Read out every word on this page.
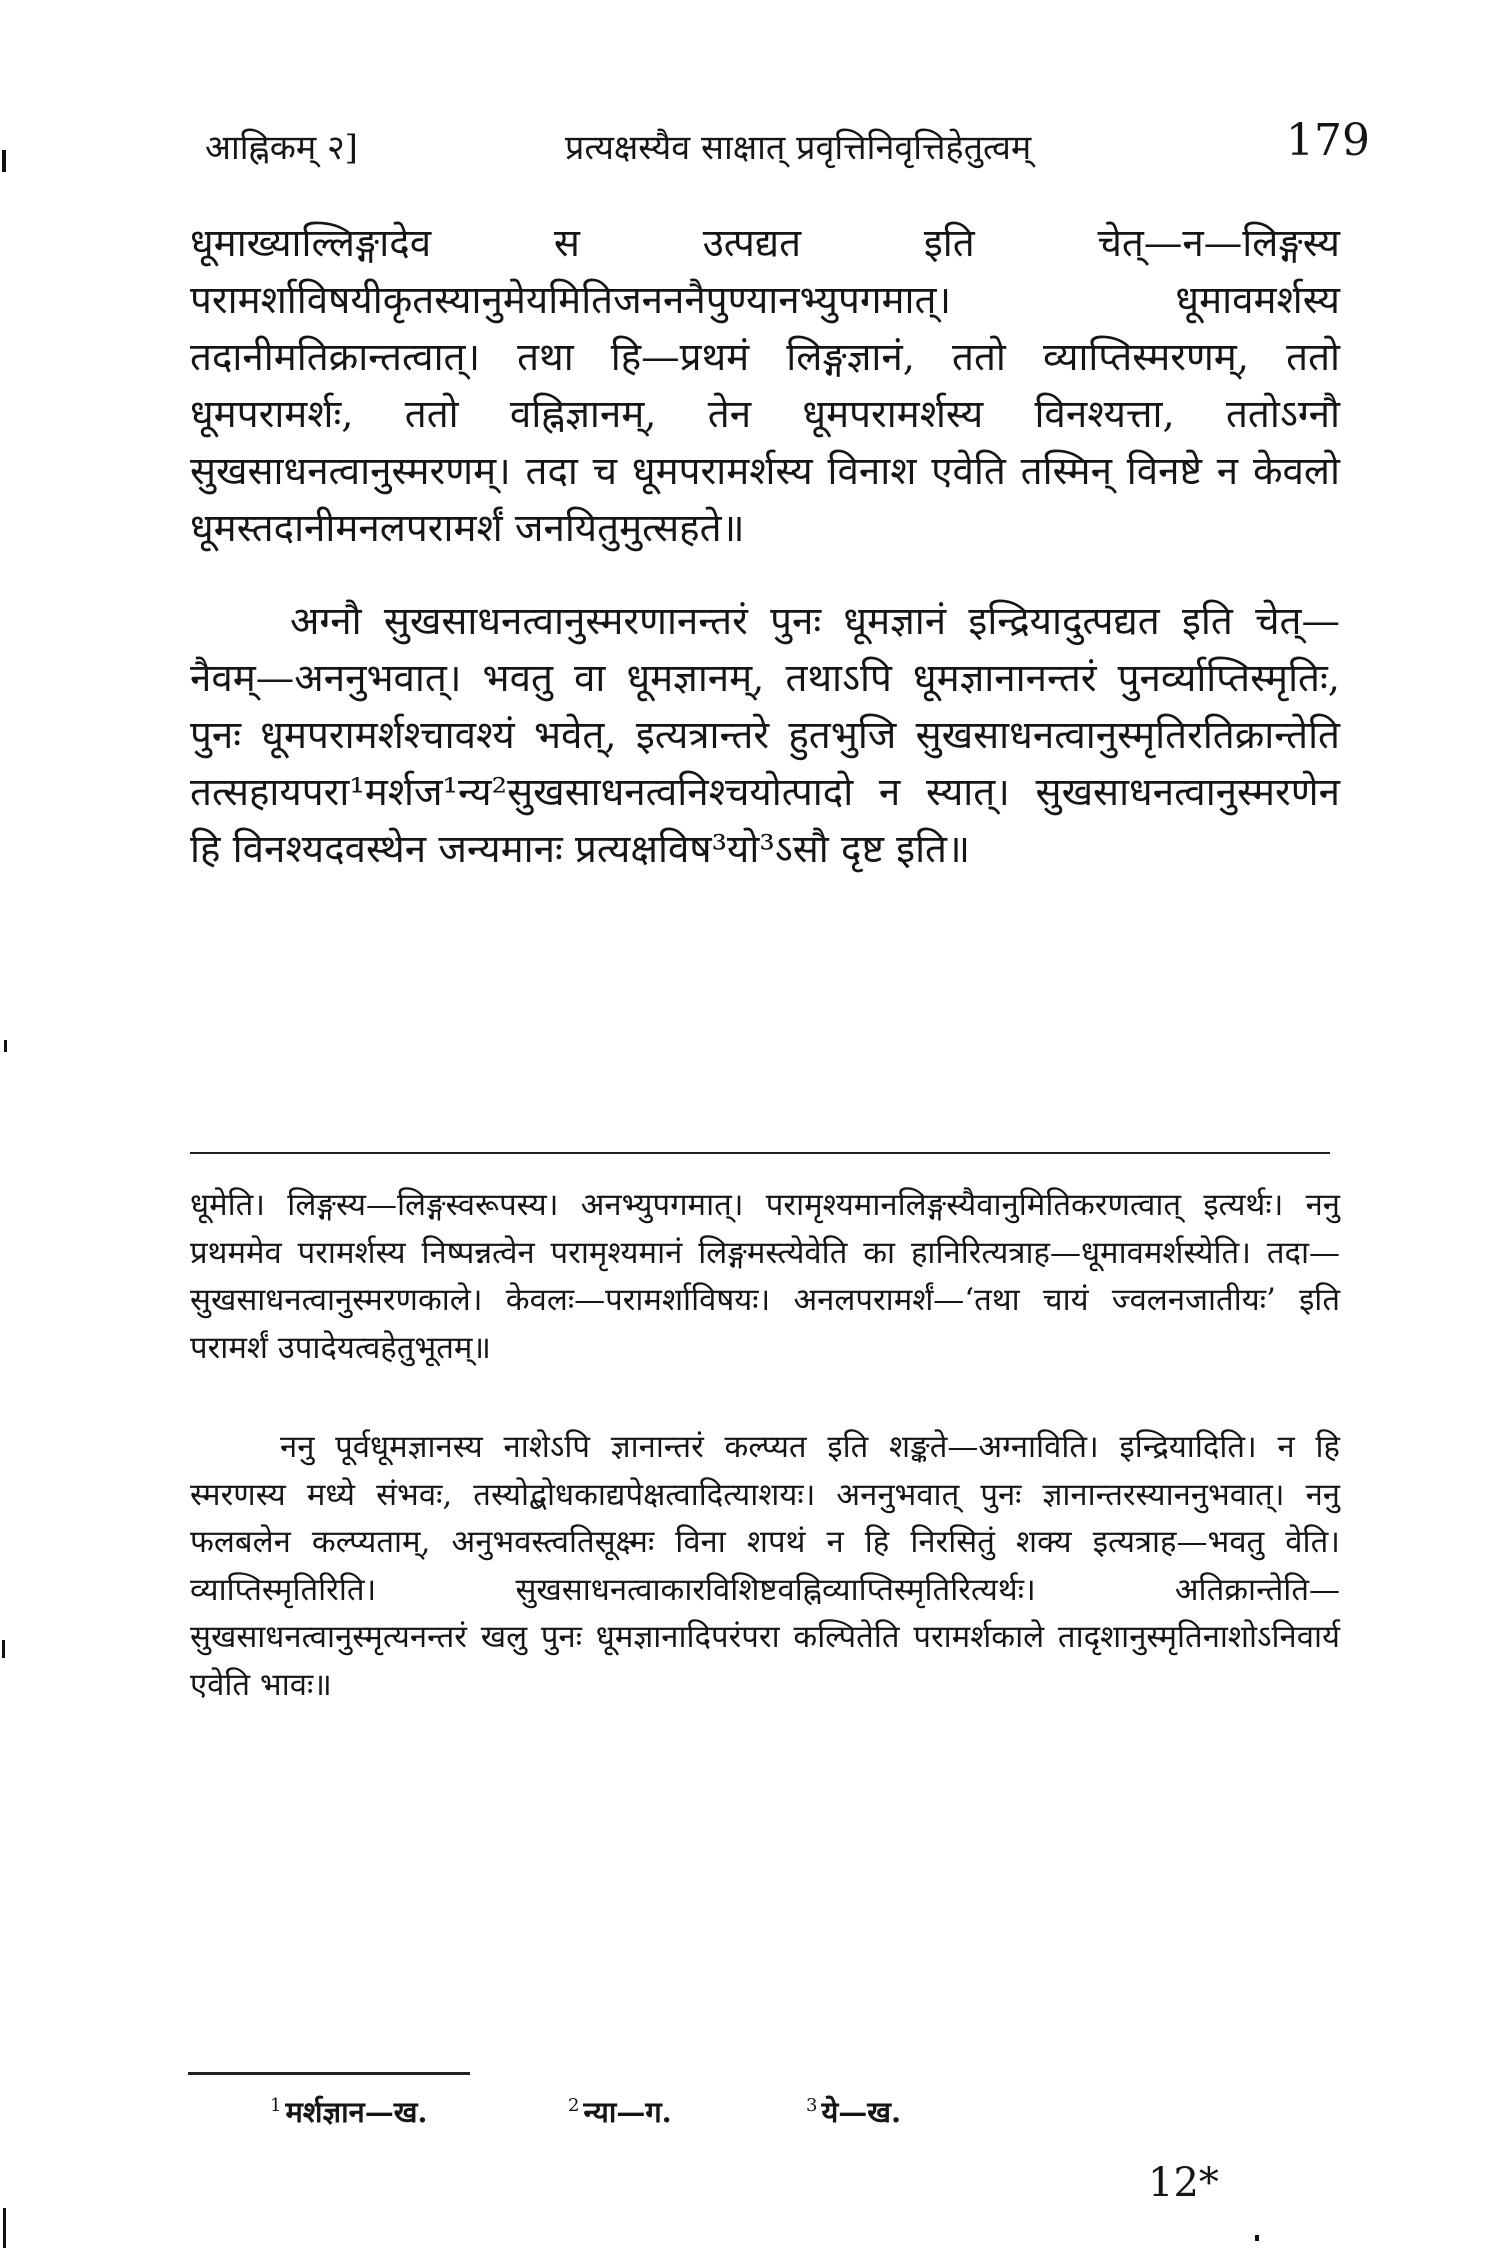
आह्निकम् २]	प्रत्यक्षस्यैव साक्षात् प्रवृत्तिनिवृत्तिहेतुत्वम्	179

धूमाख्याल्लिङ्गादेव स उत्पद्यत इति चेत्—न—लिङ्गस्य परामर्शाविषयीकृतस्यानुमेयमितिजनननैपुण्यानभ्युपगमात्। धूमावमर्शस्य तदानीमतिक्रान्तत्वात्। तथा हि—प्रथमं लिङ्गज्ञानं, ततो व्याप्तिस्मरणम्, ततो धूमपरामर्शः, ततो वह्निज्ञानम्, तेन धूमपरामर्शस्य विनश्यत्ता, ततोऽग्नौ सुखसाधनत्वानुस्मरणम्। तदा च धूमपरामर्शस्य विनाश एवेति तस्मिन् विनष्टे न केवलो धूमस्तदानीमनलपरामर्शं जनयितुमुत्सहते॥

अग्नौ सुखसाधनत्वानुस्मरणानन्तरं पुनः धूमज्ञानं इन्द्रियादुत्पद्यत इति चेत्—नैवम्—अननुभवात्। भवतु वा धूमज्ञानम्, तथाऽपि धूमज्ञानानन्तरं पुनर्व्याप्तिस्मृतिः, पुनः धूमपरामर्शश्चावश्यं भवेत्, इत्यत्रान्तरे हुतभुजि सुखसाधनत्वानुस्मृतिरतिक्रान्तेति तत्सहायपरा¹मर्शज¹न्य²सुखसाधनत्वनिश्चयोत्पादो न स्यात्। सुखसाधनत्वानुस्मरणेन हि विनश्यदवस्थेन जन्यमानः प्रत्यक्षविष³यो³ऽसौ दृष्ट इति॥

धूमेति। लिङ्गस्य—लिङ्गस्वरूपस्य। अनभ्युपगमात्। परामृश्यमानलिङ्गस्यैवानुमितिकरणत्वात् इत्यर्थः। ननु प्रथममेव परामर्शस्य निष्पन्नत्वेन परामृश्यमानं लिङ्गमस्त्येवेति का हानिरित्यत्राह—धूमावमर्शस्येति। तदा—सुखसाधनत्वानुस्मरणकाले। केवलः—परामर्शाविषयः। अनलपरामर्शं—‘तथा चायं ज्वलनजातीयः’ इति परामर्शं उपादेयत्वहेतुभूतम्॥

ननु पूर्वधूमज्ञानस्य नाशेऽपि ज्ञानान्तरं कल्प्यत इति शङ्कते—अग्नाविति। इन्द्रियादिति। न हि स्मरणस्य मध्ये संभवः, तस्योद्बोधकाद्यपेक्षत्वादित्याशयः। अननुभवात् पुनः ज्ञानान्तरस्याननुभवात्। ननु फलबलेन कल्प्यताम्, अनुभवस्त्वतिसूक्ष्मः विना शपथं न हि निरसितुं शक्य इत्यत्राह—भवतु वेति। व्याप्तिस्मृतिरिति। सुखसाधनत्वाकारविशिष्टवह्निव्याप्तिस्मृतिरित्यर्थः। अतिक्रान्तेति—सुखसाधनत्वानुस्मृत्यनन्तरं खलु पुनः धूमज्ञानादिपरंपरा कल्पितेति परामर्शकाले तादृशानुस्मृतिनाशोऽनिवार्य एवेति भावः॥

$^1$ मर्शज्ञान—ख.	$^2$ न्या—ग.	$^3$ ये—ख.
12*
